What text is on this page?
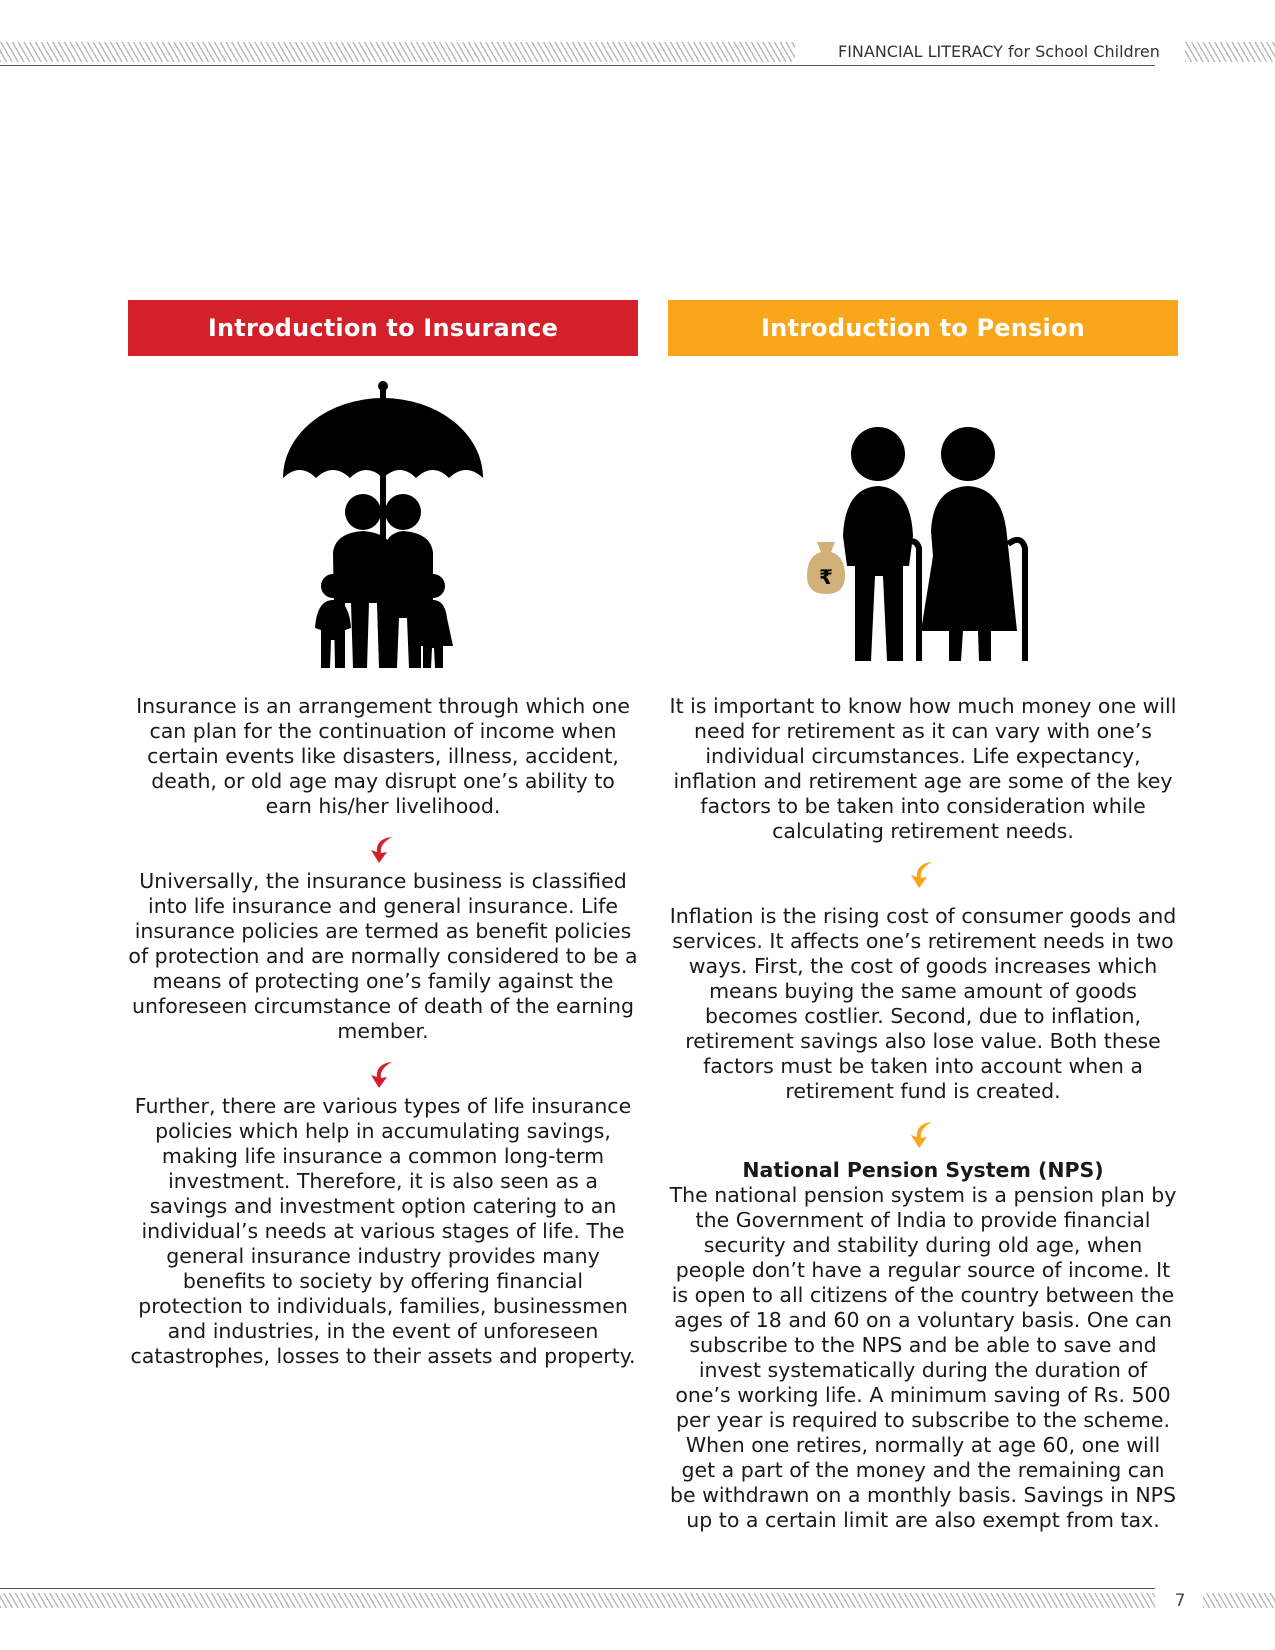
FINANCIAL LITERACY for School Children
Introduction to Insurance

Insurance is an arrangement through which one can plan for the continuation of income when certain events like disasters, illness, accident, death, or old age may disrupt one’s ability to earn his/her livelihood.

Universally, the insurance business is classified into life insurance and general insurance. Life insurance policies are termed as benefit policies of protection and are normally considered to be a means of protecting one’s family against the unforeseen circumstance of death of the earning member.

Further, there are various types of life insurance policies which help in accumulating savings, making life insurance a common long-term investment. Therefore, it is also seen as a savings and investment option catering to an individual’s needs at various stages of life. The general insurance industry provides many benefits to society by offering financial protection to individuals, families, businessmen and industries, in the event of unforeseen catastrophes, losses to their assets and property.

Introduction to Pension
₹

It is important to know how much money one will need for retirement as it can vary with one’s individual circumstances. Life expectancy, inflation and retirement age are some of the key factors to be taken into consideration while calculating retirement needs.

Inflation is the rising cost of consumer goods and services. It affects one’s retirement needs in two ways. First, the cost of goods increases which means buying the same amount of goods becomes costlier. Second, due to inflation, retirement savings also lose value. Both these factors must be taken into account when a retirement fund is created.

National Pension System (NPS)

The national pension system is a pension plan by the Government of India to provide financial security and stability during old age, when people don’t have a regular source of income. It is open to all citizens of the country between the ages of 18 and 60 on a voluntary basis. One can subscribe to the NPS and be able to save and invest systematically during the duration of one’s working life. A minimum saving of Rs. 500 per year is required to subscribe to the scheme. When one retires, normally at age 60, one will get a part of the money and the remaining can be withdrawn on a monthly basis. Savings in NPS up to a certain limit are also exempt from tax.

7
